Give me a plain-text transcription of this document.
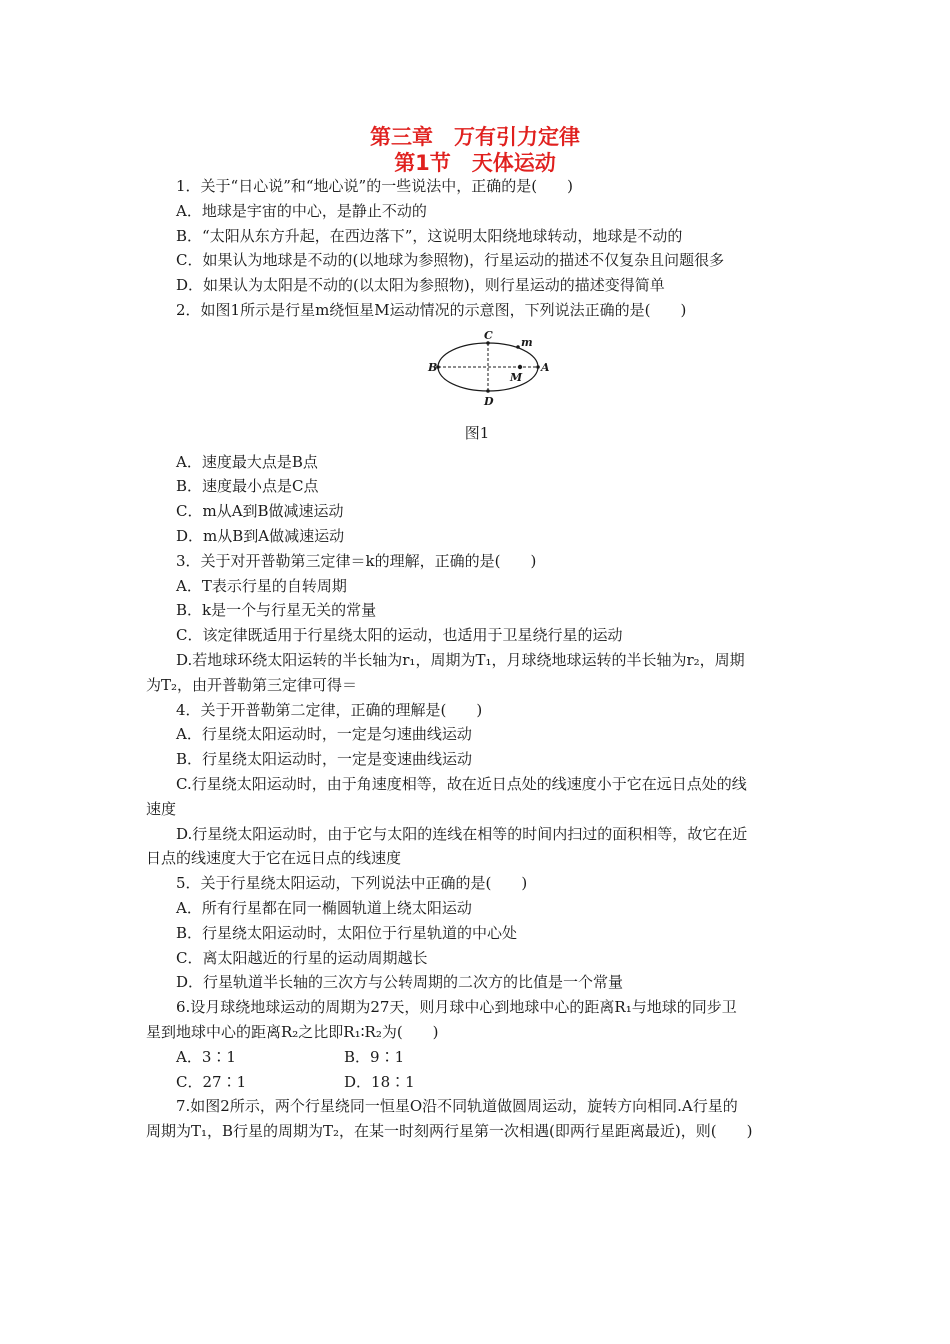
第三章　万有引力定律
第1节　天体运动
1．关于“日心说”和“地心说”的一些说法中，正确的是(　　)
A．地球是宇宙的中心，是静止不动的
B．“太阳从东方升起，在西边落下”，这说明太阳绕地球转动，地球是不动的
C．如果认为地球是不动的(以地球为参照物)，行星运动的描述不仅复杂且问题很多
D．如果认为太阳是不动的(以太阳为参照物)，则行星运动的描述变得简单
2．如图1所示是行星m绕恒星M运动情况的示意图，下列说法正确的是(　　)
C
D
B	A
m
M
图1
A．速度最大点是B点
B．速度最小点是C点
C．m从A到B做减速运动
D．m从B到A做减速运动
3．关于对开普勒第三定律＝k的理解，正确的是(　　)
A．T表示行星的自转周期
B．k是一个与行星无关的常量
C．该定律既适用于行星绕太阳的运动，也适用于卫星绕行星的运动
D.若地球环绕太阳运转的半长轴为r₁，周期为T₁，月球绕地球运转的半长轴为r₂，周期
为T₂，由开普勒第三定律可得＝
4．关于开普勒第二定律，正确的理解是(　　)
A．行星绕太阳运动时，一定是匀速曲线运动
B．行星绕太阳运动时，一定是变速曲线运动
C.行星绕太阳运动时，由于角速度相等，故在近日点处的线速度小于它在远日点处的线
速度
D.行星绕太阳运动时，由于它与太阳的连线在相等的时间内扫过的面积相等，故它在近
日点的线速度大于它在远日点的线速度
5．关于行星绕太阳运动，下列说法中正确的是(　　)
A．所有行星都在同一椭圆轨道上绕太阳运动
B．行星绕太阳运动时，太阳位于行星轨道的中心处
C．离太阳越近的行星的运动周期越长
D．行星轨道半长轴的三次方与公转周期的二次方的比值是一个常量
6.设月球绕地球运动的周期为27天，则月球中心到地球中心的距离R₁与地球的同步卫
星到地球中心的距离R₂之比即R₁∶R₂为(　　)
A．3∶1	B．9∶1
C．27∶1	D．18∶1
7.如图2所示，两个行星绕同一恒星O沿不同轨道做圆周运动，旋转方向相同.A行星的
周期为T₁，B行星的周期为T₂，在某一时刻两行星第一次相遇(即两行星距离最近)，则(　　)
